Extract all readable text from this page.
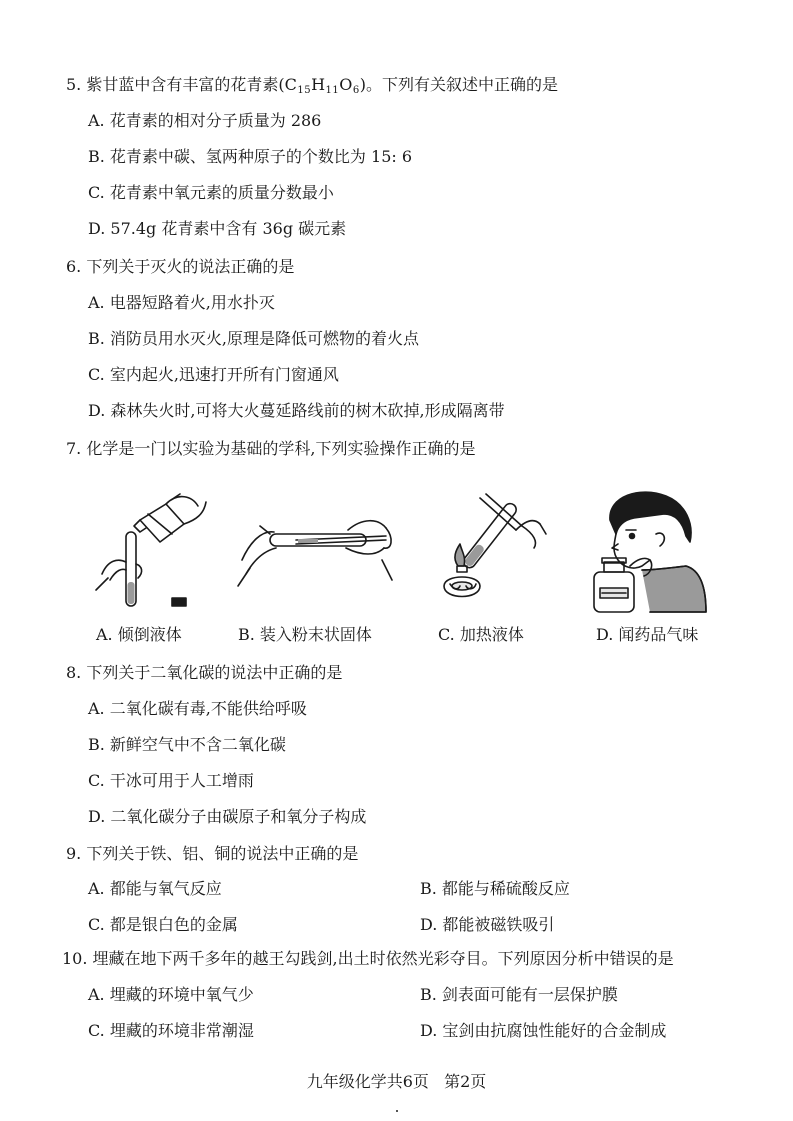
5. 紫甘蓝中含有丰富的花青素$(C_{15}H_{11}O_6)$。下列有关叙述中正确的是
A. 花青素的相对分子质量为 286
B. 花青素中碳、氢两种原子的个数比为 15: 6
C. 花青素中氧元素的质量分数最小
D. 57.4g 花青素中含有 36g 碳元素
6. 下列关于灭火的说法正确的是
A. 电器短路着火,用水扑灭
B. 消防员用水灭火,原理是降低可燃物的着火点
C. 室内起火,迅速打开所有门窗通风
D. 森林失火时,可将大火蔓延路线前的树木砍掉,形成隔离带
7. 化学是一门以实验为基础的学科,下列实验操作正确的是
A. 倾倒液体	B. 装入粉末状固体	C. 加热液体	D. 闻药品气味
8. 下列关于二氧化碳的说法中正确的是
A. 二氧化碳有毒,不能供给呼吸
B. 新鲜空气中不含二氧化碳
C. 干冰可用于人工增雨
D. 二氧化碳分子由碳原子和氧分子构成
9. 下列关于铁、铝、铜的说法中正确的是
A. 都能与氧气反应	B. 都能与稀硫酸反应
C. 都是银白色的金属	D. 都能被磁铁吸引
10. 埋藏在地下两千多年的越王勾践剑,出土时依然光彩夺目。下列原因分析中错误的是
A. 埋藏的环境中氧气少	B. 剑表面可能有一层保护膜
C. 埋藏的环境非常潮湿	D. 宝剑由抗腐蚀性能好的合金制成
九年级化学共6页   第2页
